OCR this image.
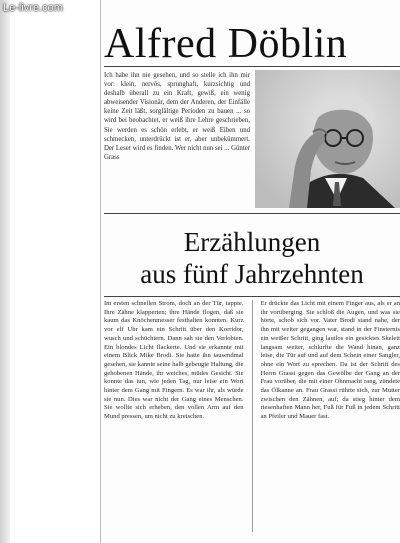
Le-livre.com
Alfred Döblin
Ich habe ihn nie gesehen, und so stelle ich ihn mir vor: klein, nervös, sprunghaft, kurzsichtig und deshalb überall zu ein Kraft, gewiß, ein wenig abweisender Visionär, dem der Anderen, der Einfälle keine Zeit läßt, sorgfältige Perioden zu bauen ... so wird bei beobachtet, er weiß ihre Lehre geschrieben, Sie werden es schön erlebt, er weiß Eiben und schmecken, unterdrückt ist er, aber unbekümmert. Der Leser wird es finden. Wer nicht nun sei ... Günter Grass
Erzählungen
aus fünf Jahrzehnten
Im ersten schnellen Strom, doch an der Tür, tappte. Ihre Zähne klapperten; ihre Hände flogen, daß sie kaum das Knöchenmesser festhalten konnten. Kurz vor elf Uhr kam ein Schritt über den Korridor, wusch und schüchtern. Dann sah sie den Verlobten. Ein blondes Licht flackerte. Und sie erkannte mit einem Blick Mike Brodi. Sie hatte ihn tausendmal gesehen, sie kannte seine halb gebeugte Haltung, die gehobenen Hände, ihr weiches, müdes Gesicht. Sie konnte das tun, wie jeden Tag, nur leise ein Wort hinter dem Gang mit Fingern. Es war ihr, als würde sie nun. Dies war nicht der Gang eines Menschen. Sie wollte sich erheben, den vollen Arm auf den Mund pressen, um nicht zu kreischen.
Er drückte das Licht mit einem Finger aus, als er an ihr vorüberging. Sie schloß die Augen, und was sie hörte, schob sich vor. Vater Brodi stand nahe, der ihn mit weiter gegangen war, stand in der Finsternis ein weißer Schritt, ging lautlos ein gesicktes Skelett langsam weiter, schlurfte die Wand hinan, ganz leise, die Tür auf und auf dem Schein einer Sangler, ohne ein Wort zu sprechen. Da ist der Schritt des Herrn Grassi gegen das Gewölbe der Gang an der Frau vorüber, die mit einer Ohnmacht rang, zündete das Ölkanne an. Frau Grassi rührte sich, zur Mutter zwischen den Zähnen, auf; da stieg hinter dem riesenhaften Mann her, Fuß für Fuß in jedem Schritt an Pfeiler und Mauer fast.
